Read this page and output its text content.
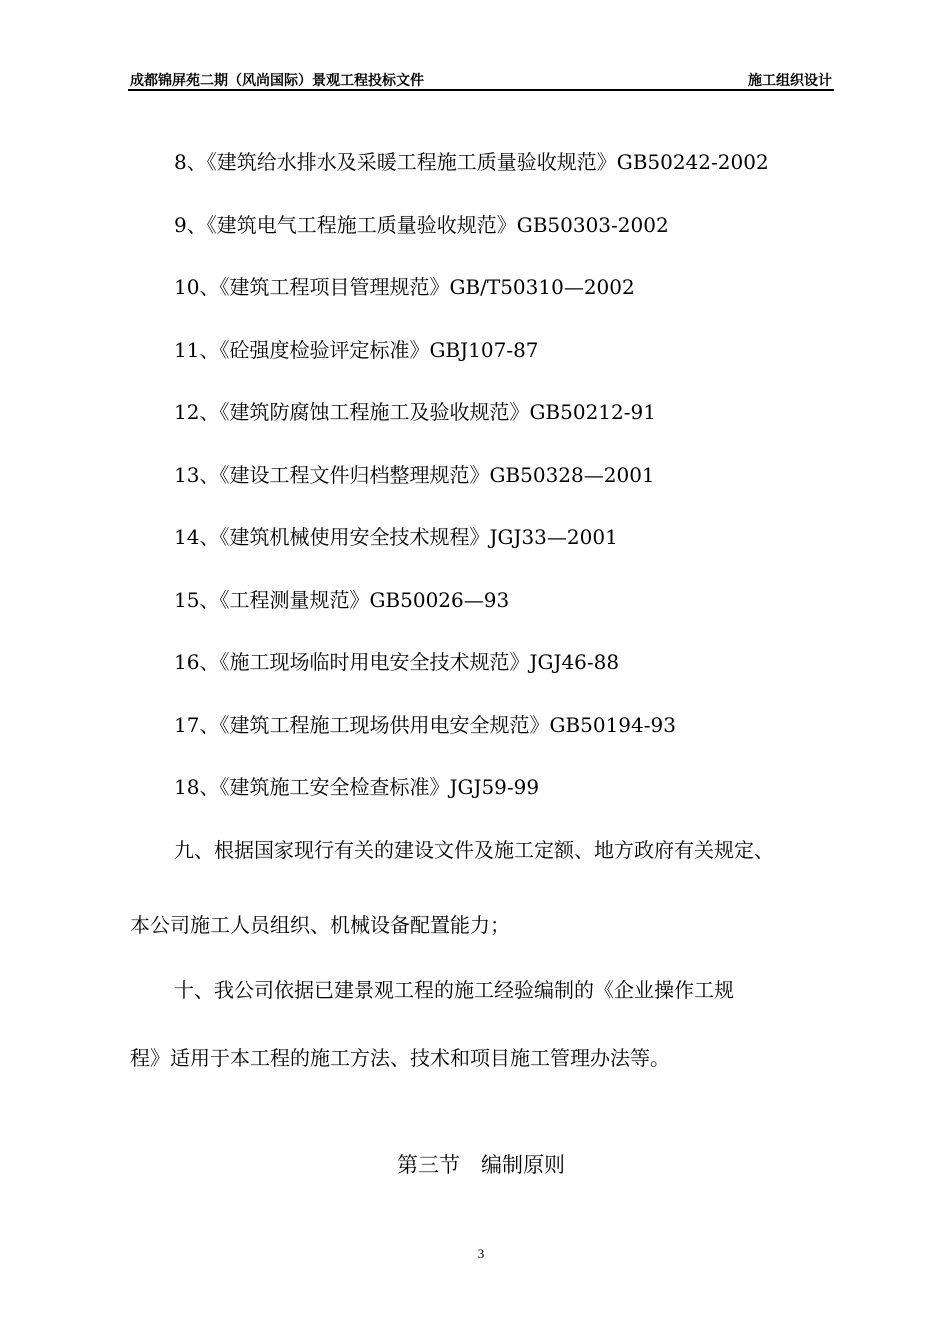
成都锦屏苑二期（风尚国际）景观工程投标文件	施工组织设计
8、《建筑给水排水及采暖工程施工质量验收规范》GB50242-2002
9、《建筑电气工程施工质量验收规范》GB50303-2002
10、《建筑工程项目管理规范》GB/T50310—2002
11、《砼强度检验评定标准》GBJ107-87
12、《建筑防腐蚀工程施工及验收规范》GB50212-91
13、《建设工程文件归档整理规范》GB50328—2001
14、《建筑机械使用安全技术规程》JGJ33—2001
15、《工程测量规范》GB50026—93
16、《施工现场临时用电安全技术规范》JGJ46-88
17、《建筑工程施工现场供用电安全规范》GB50194-93
18、《建筑施工安全检查标准》JGJ59-99
九、根据国家现行有关的建设文件及施工定额、地方政府有关规定、
本公司施工人员组织、机械设备配置能力；
十、我公司依据已建景观工程的施工经验编制的《企业操作工规
程》适用于本工程的施工方法、技术和项目施工管理办法等。
第三节　编制原则
3
